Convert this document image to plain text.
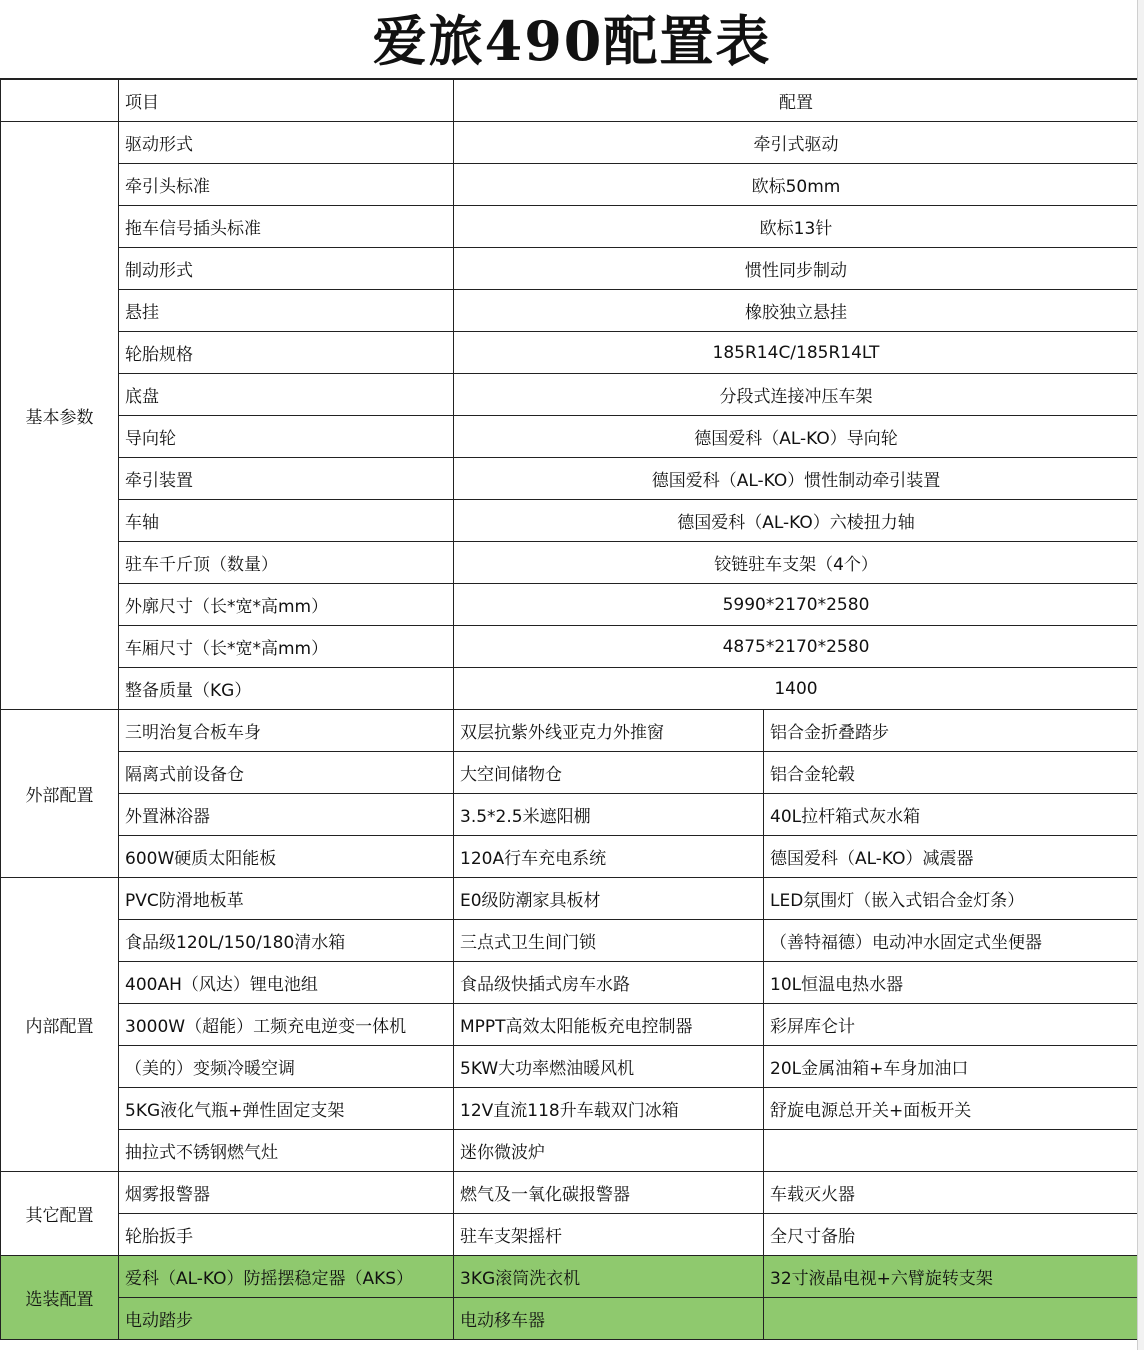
爱旅490配置表
	项目	配置	
基本参数	驱动形式	牵引式驱动	
	牵引头标准	欧标50mm	
	拖车信号插头标准	欧标13针	
	制动形式	惯性同步制动	
	悬挂	橡胶独立悬挂	
	轮胎规格	185R14C/185R14LT	
	底盘	分段式连接冲压车架	
	导向轮	德国爱科（AL-KO）导向轮	
	牵引装置	德国爱科（AL-KO）惯性制动牵引装置	
	车轴	德国爱科（AL-KO）六棱扭力轴	
	驻车千斤顶（数量）	铰链驻车支架（4个）	
	外廓尺寸（长*宽*高mm）	5990*2170*2580	
	车厢尺寸（长*宽*高mm）	4875*2170*2580	
	整备质量（KG）	1400	
外部配置	三明治复合板车身	双层抗紫外线亚克力外推窗	铝合金折叠踏步
	隔离式前设备仓	大空间储物仓	铝合金轮毂
	外置淋浴器	3.5*2.5米遮阳棚	40L拉杆箱式灰水箱
	600W硬质太阳能板	120A行车充电系统	德国爱科（AL-KO）减震器
内部配置	PVC防滑地板革	E0级防潮家具板材	LED氛围灯（嵌入式铝合金灯条）
	食品级120L/150/180清水箱	三点式卫生间门锁	（善特福德）电动冲水固定式坐便器
	400AH（风达）锂电池组	食品级快插式房车水路	10L恒温电热水器
	3000W（超能）工频充电逆变一体机	MPPT高效太阳能板充电控制器	彩屏库仑计
	（美的）变频冷暖空调	5KW大功率燃油暖风机	20L金属油箱+车身加油口
	5KG液化气瓶+弹性固定支架	12V直流118升车载双门冰箱	舒旋电源总开关+面板开关
	抽拉式不锈钢燃气灶	迷你微波炉	
其它配置	烟雾报警器	燃气及一氧化碳报警器	车载灭火器
	轮胎扳手	驻车支架摇杆	全尺寸备胎
选装配置	爱科（AL-KO）防摇摆稳定器（AKS）	3KG滚筒洗衣机	32寸液晶电视+六臂旋转支架
	电动踏步	电动移车器	
